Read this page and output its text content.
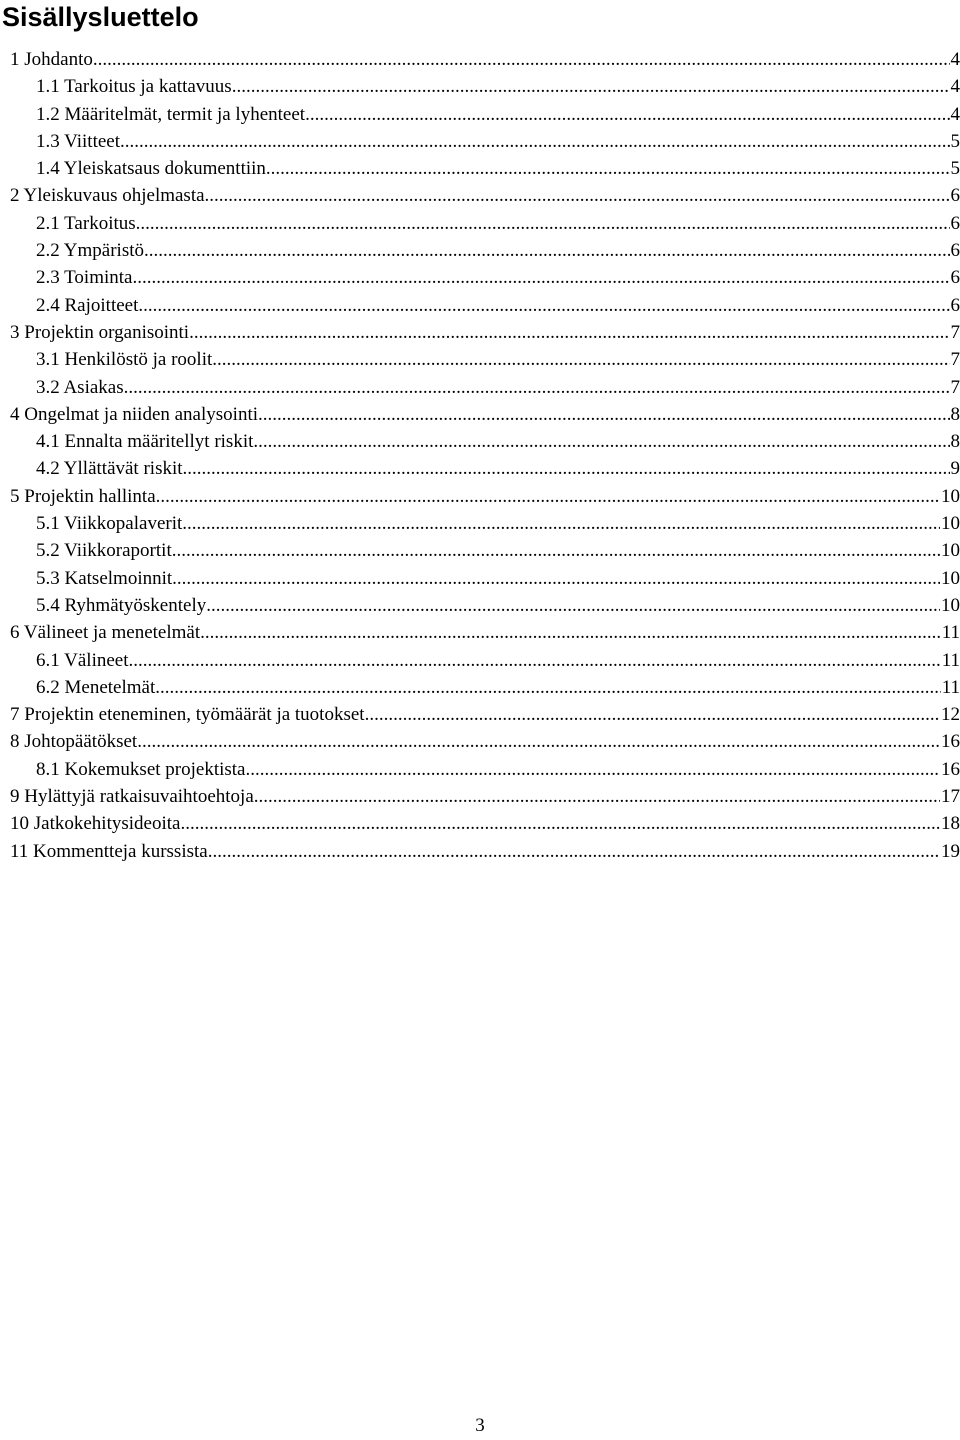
Sisällysluettelo
1 Johdanto .....	4
1.1 Tarkoitus ja kattavuus .....	4
1.2 Määritelmät, termit ja lyhenteet .....	4
1.3 Viitteet .....	5
1.4 Yleiskatsaus dokumenttiin .....	5
2 Yleiskuvaus ohjelmasta .....	6
2.1 Tarkoitus .....	6
2.2 Ympäristö .....	6
2.3 Toiminta .....	6
2.4 Rajoitteet .....	6
3 Projektin organisointi .....	7
3.1 Henkilöstö ja roolit .....	7
3.2 Asiakas .....	7
4 Ongelmat ja niiden analysointi .....	8
4.1 Ennalta määritellyt riskit .....	8
4.2 Yllättävät riskit .....	9
5 Projektin hallinta .....	10
5.1 Viikkopalaverit .....	10
5.2 Viikkoraportit .....	10
5.3 Katselmoinnit .....	10
5.4 Ryhmätyöskentely .....	10
6 Välineet ja menetelmät .....	11
6.1 Välineet .....	11
6.2 Menetelmät .....	11
7 Projektin eteneminen, työmäärät ja tuotokset .....	12
8 Johtopäätökset .....	16
8.1 Kokemukset projektista .....	16
9 Hylättyjä ratkaisuvaihtoehtoja .....	17
10 Jatkokehitysideoita .....	18
11 Kommentteja kurssista .....	19

3
